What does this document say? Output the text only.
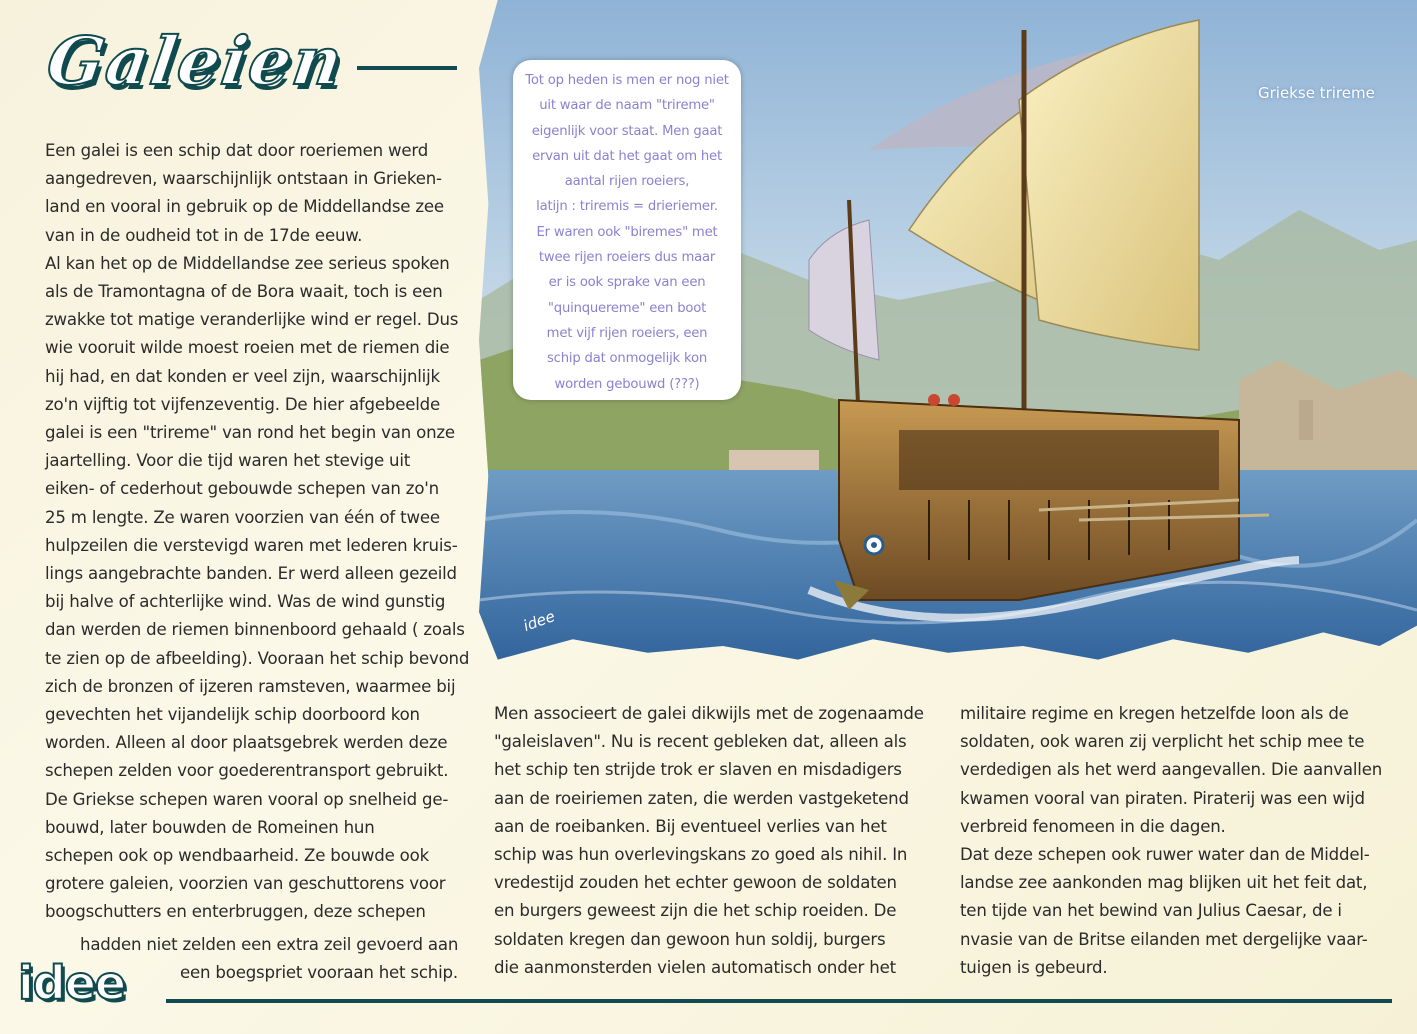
Galeien
Een galei is een schip dat door roeriemen werd
aangedreven, waarschijnlijk ontstaan in Grieken-
land en vooral in gebruik op de Middellandse zee
van in de oudheid tot in de 17de eeuw.
Al kan het op de Middellandse zee serieus spoken
als de Tramontagna of de Bora waait, toch is een
zwakke tot matige veranderlijke wind er regel. Dus
wie vooruit wilde moest roeien met de riemen die
hij had, en dat konden er veel zijn, waarschijnlijk
zo'n vijftig tot vijfenzeventig. De hier afgebeelde
galei is een "trireme" van rond het begin van onze
jaartelling. Voor die tijd waren het stevige uit
eiken- of cederhout gebouwde schepen van zo'n
25 m lengte. Ze waren voorzien van één of twee
hulpzeilen die verstevigd waren met lederen kruis-
lings aangebrachte banden. Er werd alleen gezeild
bij halve of achterlijke wind. Was de wind gunstig
dan werden de riemen binnenboord gehaald ( zoals
te zien op de afbeelding). Vooraan het schip bevond
zich de bronzen of ijzeren ramsteven, waarmee bij
gevechten het vijandelijk schip doorboord kon
worden. Alleen al door plaatsgebrek werden deze
schepen zelden voor goederentransport gebruikt.
De Griekse schepen waren vooral op snelheid ge-
bouwd, later bouwden de Romeinen hun
schepen ook op wendbaarheid. Ze bouwde ook
grotere galeien, voorzien van geschuttorens voor
boogschutters en enterbruggen, deze schepen
hadden niet zelden een extra zeil gevoerd aan
een boegspriet vooraan het schip.
Griekse trireme
idee
Tot op heden is men er nog niet
uit waar de naam "trireme"
eigenlijk voor staat. Men gaat
ervan uit dat het gaat om het
aantal rijen roeiers,
latijn : triremis = drieriemer.
Er waren ook "biremes" met
twee rijen roeiers dus maar
er is ook sprake van een
"quinquereme" een boot
met vijf rijen roeiers, een
schip dat onmogelijk kon
worden gebouwd (???)
Men associeert de galei dikwijls met de zogenaamde
"galeislaven". Nu is recent gebleken dat, alleen als
het schip ten strijde trok er slaven en misdadigers
aan de roeiriemen zaten, die werden vastgeketend
aan de roeibanken. Bij eventueel verlies van het
schip was hun overlevingskans zo goed als nihil. In
vredestijd zouden het echter gewoon de soldaten
en burgers geweest zijn die het schip roeiden. De
soldaten kregen dan gewoon hun soldij, burgers
die aanmonsterden vielen automatisch onder het
militaire regime en kregen hetzelfde loon als de
soldaten, ook waren zij verplicht het schip mee te
verdedigen als het werd aangevallen. Die aanvallen
kwamen vooral van piraten. Piraterij was een wijd
verbreid fenomeen in die dagen.
Dat deze schepen ook ruwer water dan de Middel-
landse zee aankonden mag blijken uit het feit dat,
ten tijde van het bewind van Julius Caesar, de i
nvasie van de Britse eilanden met dergelijke vaar-
tuigen is gebeurd.
idee
